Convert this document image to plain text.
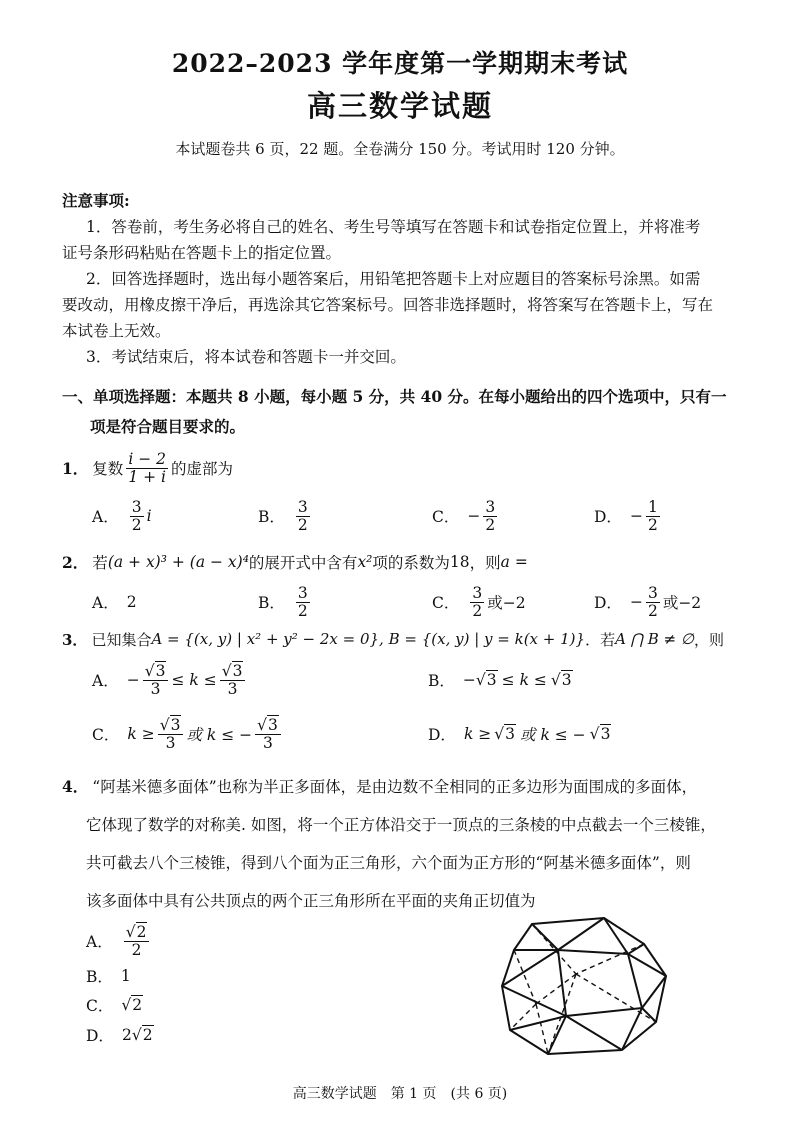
2022–2023 学年度第一学期期末考试
高三数学试题
本试题卷共 6 页，22 题。全卷满分 150 分。考试用时 120 分钟。
注意事项:
1．答卷前，考生务必将自己的姓名、考生号等填写在答题卡和试卷指定位置上，并将准考
证号条形码粘贴在答题卡上的指定位置。
2．回答选择题时，选出每小题答案后，用铅笔把答题卡上对应题目的答案标号涂黑。如需
要改动，用橡皮擦干净后，再选涂其它答案标号。回答非选择题时，将答案写在答题卡上，写在
本试卷上无效。
3．考试结束后，将本试卷和答题卡一并交回。
一、单项选择题：本题共 8 小题，每小题 5 分，共 40 分。在每小题给出的四个选项中，只有一
项是符合题目要求的。
1． 复数 $\frac{i - 2}{1 + i}$ 的虚部为
A． $\frac{3}{2}$ i	B． $\frac{3}{2}$	C． − $\frac{3}{2}$	D． − $\frac{1}{2}$
2． 若 (a + x)³ + (a − x)⁴ 的展开式中含有 x² 项的系数为 18 ，则 a =
A． 2	B． $\frac{3}{2}$	C． $\frac{3}{2}$ 或−2	D． − $\frac{3}{2}$ 或−2
3． 已知集合 A = {(x, y) | x² + y² − 2x = 0}, B = {(x, y) | y = k(x + 1)} ．若 A ⋂ B ≠ ∅ ，则
A． − $\frac{√3}{3} \le k \le \frac{√3}{3}$	B． − √3 ≤ k ≤ √3
C． $k \ge \frac{√3}{3}$ 或 k ≤ − $\frac{√3}{3}$	D． k ≥ √3 或 k ≤ − √3
4． “阿基米德多面体”也称为半正多面体，是由边数不全相同的正多边形为面围成的多面体，
它体现了数学的对称美. 如图，将一个正方体沿交于一顶点的三条棱的中点截去一个三棱锥，
共可截去八个三棱锥，得到八个面为正三角形，六个面为正方形的“阿基米德多面体”，则
该多面体中具有公共顶点的两个正三角形所在平面的夹角正切值为
A． $\frac{√2}{2}$
B． 1
C． √2
D． 2 √2
高三数学试题　第 1 页　(共 6 页)
